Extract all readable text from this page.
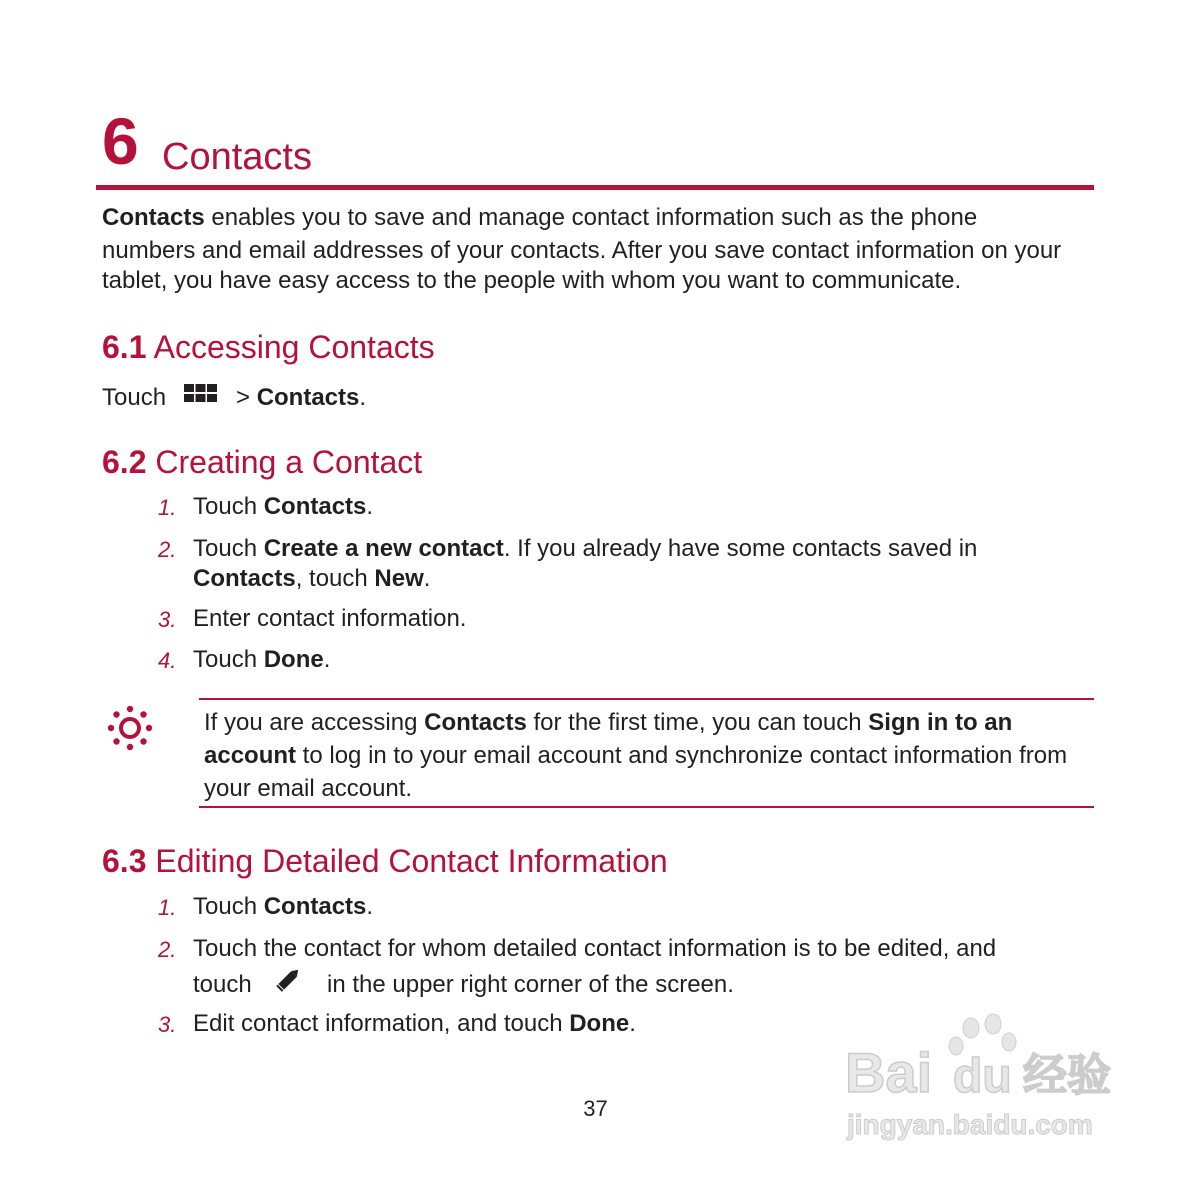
6 Contacts
Contacts enables you to save and manage contact information such as the phone
numbers and email addresses of your contacts. After you save contact information on your
tablet, you have easy access to the people with whom you want to communicate.
6.1 Accessing Contacts
Touch	> Contacts.
6.2 Creating a Contact
1. Touch Contacts.
2. Touch Create a new contact. If you already have some contacts saved in
Contacts, touch New.
3. Enter contact information.
4. Touch Done.
If you are accessing Contacts for the first time, you can touch Sign in to an
account to log in to your email account and synchronize contact information from
your email account.
6.3 Editing Detailed Contact Information
1. Touch Contacts.
2. Touch the contact for whom detailed contact information is to be edited, and
touch	in the upper right corner of the screen.
3. Edit contact information, and touch Done.
37
Bai du 经验
jingyan.baidu.com
